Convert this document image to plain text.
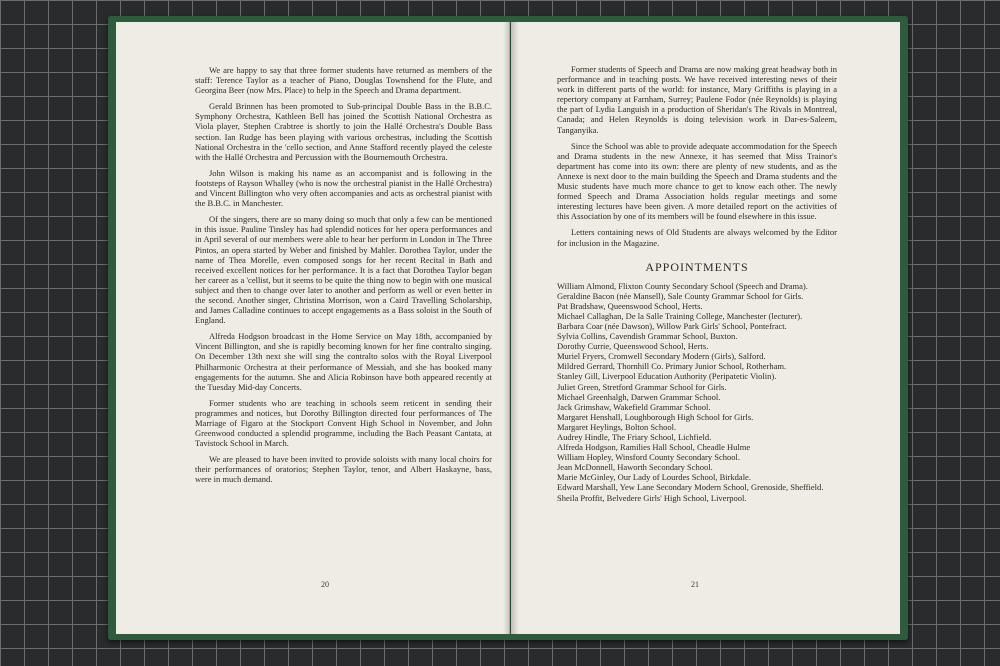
We are happy to say that three former students have returned as members of the staff: Terence Taylor as a teacher of Piano, Douglas Townshend for the Flute, and Georgina Beer (now Mrs. Place) to help in the Speech and Drama department.

Gerald Brinnen has been promoted to Sub-principal Double Bass in the B.B.C. Symphony Orchestra, Kathleen Bell has joined the Scottish National Orchestra as Viola player, Stephen Crabtree is shortly to join the Hallé Orchestra's Double Bass section. Ian Rudge has been playing with various orchestras, including the Scottish National Orchestra in the 'cello section, and Anne Stafford recently played the celeste with the Hallé Orchestra and Percussion with the Bournemouth Orchestra.

John Wilson is making his name as an accompanist and is following in the footsteps of Rayson Whalley (who is now the orchestral pianist in the Hallé Orchestra) and Vincent Billington who very often accompanies and acts as orchestral pianist with the B.B.C. in Manchester.

Of the singers, there are so many doing so much that only a few can be mentioned in this issue. Pauline Tinsley has had splendid notices for her opera performances and in April several of our members were able to hear her perform in London in The Three Pintos, an opera started by Weber and finished by Mahler. Dorothea Taylor, under the name of Thea Morelle, even composed songs for her recent Recital in Bath and received excellent notices for her performance. It is a fact that Dorothea Taylor began her career as a 'cellist, but it seems to be quite the thing now to begin with one musical subject and then to change over later to another and perform as well or even better in the second. Another singer, Christina Morrison, won a Caird Travelling Scholarship, and James Calladine continues to accept engagements as a Bass soloist in the South of England.

Alfreda Hodgson broadcast in the Home Service on May 18th, accompanied by Vincent Billington, and she is rapidly becoming known for her fine contralto singing. On December 13th next she will sing the contralto solos with the Royal Liverpool Philharmonic Orchestra at their performance of Messiah, and she has booked many engagements for the autumn. She and Alicia Robinson have both appeared recently at the Tuesday Mid-day Concerts.

Former students who are teaching in schools seem reticent in sending their programmes and notices, but Dorothy Billington directed four performances of The Marriage of Figaro at the Stockport Convent High School in November, and John Greenwood conducted a splendid programme, including the Bach Peasant Cantata, at Tavistock School in March.

We are pleased to have been invited to provide soloists with many local choirs for their performances of oratorios; Stephen Taylor, tenor, and Albert Haskayne, bass, were in much demand.

20

Former students of Speech and Drama are now making great headway both in performance and in teaching posts. We have received interesting news of their work in different parts of the world: for instance, Mary Griffiths is playing in a repertory company at Farnham, Surrey; Paulene Fodor (née Reynolds) is playing the part of Lydia Languish in a production of Sheridan's The Rivals in Montreal, Canada; and Helen Reynolds is doing television work in Dar-es-Saleem, Tanganyika.

Since the School was able to provide adequate accommodation for the Speech and Drama students in the new Annexe, it has seemed that Miss Trainor's department has come into its own: there are plenty of new students, and as the Annexe is next door to the main building the Speech and Drama students and the Music students have much more chance to get to know each other. The newly formed Speech and Drama Association holds regular meetings and some interesting lectures have been given. A more detailed report on the activities of this Association by one of its members will be found elsewhere in this issue.

Letters containing news of Old Students are always welcomed by the Editor for inclusion in the Magazine.

APPOINTMENTS

William Almond, Flixton County Secondary School (Speech and Drama).

Geraldine Bacon (née Mansell), Sale County Grammar School for Girls.

Pat Bradshaw, Queenswood School, Herts.

Michael Callaghan, De la Salle Training College, Manchester (lecturer).

Barbara Coar (née Dawson), Willow Park Girls' School, Pontefract.

Sylvia Collins, Cavendish Grammar School, Buxton.

Dorothy Currie, Queenswood School, Herts.

Muriel Fryers, Cromwell Secondary Modern (Girls), Salford.

Mildred Gerrard, Thornhill Co. Primary Junior School, Rotherham.

Stanley Gill, Liverpool Education Authority (Peripatetic Violin).

Juliet Green, Stretford Grammar School for Girls.

Michael Greenhalgh, Darwen Grammar School.

Jack Grimshaw, Wakefield Grammar School.

Margaret Henshall, Loughborough High School for Girls.

Margaret Heylings, Bolton School.

Audrey Hindle, The Friary School, Lichfield.

Alfreda Hodgson, Ramilies Hall School, Cheadle Hulme

William Hopley, Winsford County Secondary School.

Jean McDonnell, Haworth Secondary School.

Marie McGinley, Our Lady of Lourdes School, Birkdale.

Edward Marshall, Yew Lane Secondary Modern School, Grenoside, Sheffield.

Sheila Proffit, Belvedere Girls' High School, Liverpool.

21
